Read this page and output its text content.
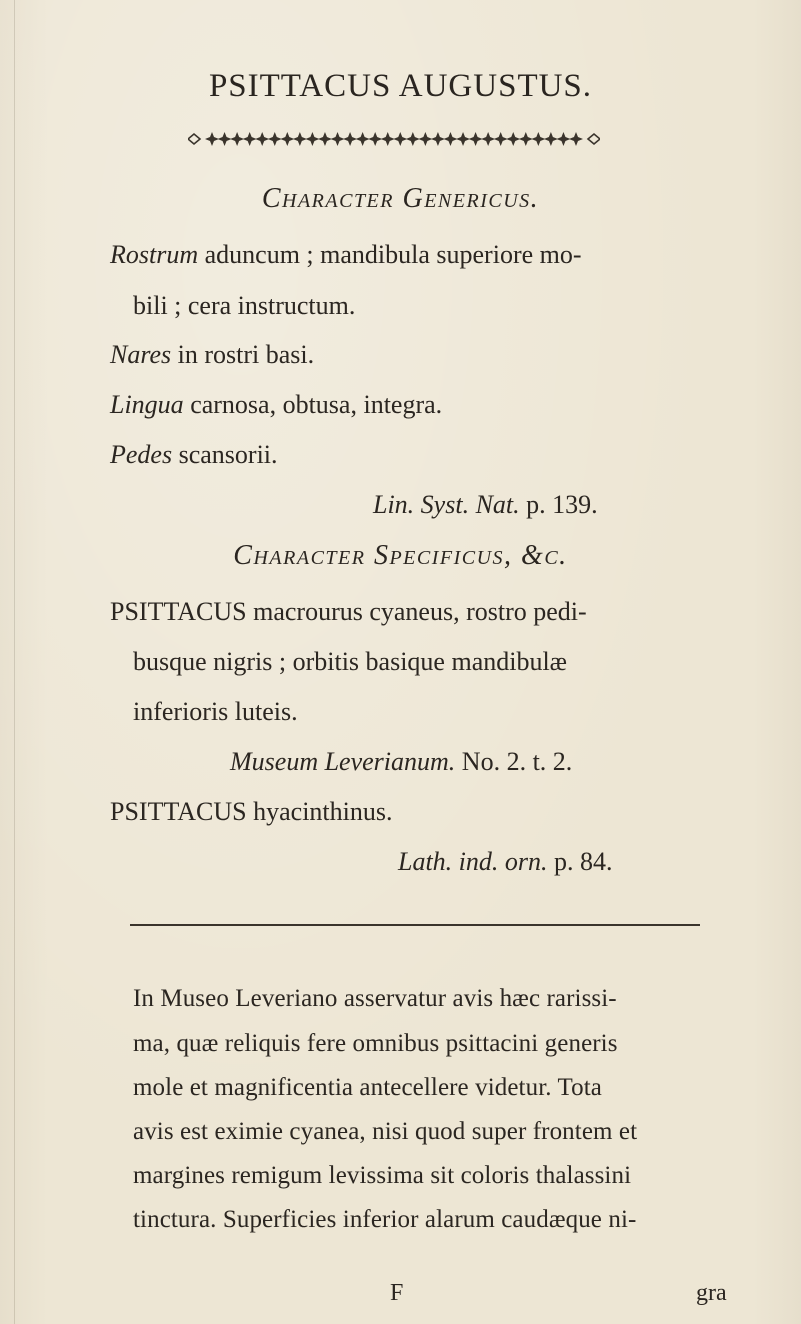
PSITTACUS AUGUSTUS.
Character Genericus.
Rostrum aduncum ; mandibula superiore mo-
bili ; cera instructum.
Nares in rostri basi.
Lingua carnosa, obtusa, integra.
Pedes scansorii.
Lin. Syst. Nat. p. 139.
Character Specificus, &c.
PSITTACUS macrourus cyaneus, rostro pedi-
busque nigris ; orbitis basique mandibulæ
inferioris luteis.
Museum Leverianum. No. 2. t. 2.
PSITTACUS hyacinthinus.
Lath. ind. orn. p. 84.
In Museo Leveriano asservatur avis hæc rarissi-
ma, quæ reliquis fere omnibus psittacini generis
mole et magnificentia antecellere videtur. Tota
avis est eximie cyanea, nisi quod super frontem et
margines remigum levissima sit coloris thalassini
tinctura. Superficies inferior alarum caudæque ni-
F	gra
